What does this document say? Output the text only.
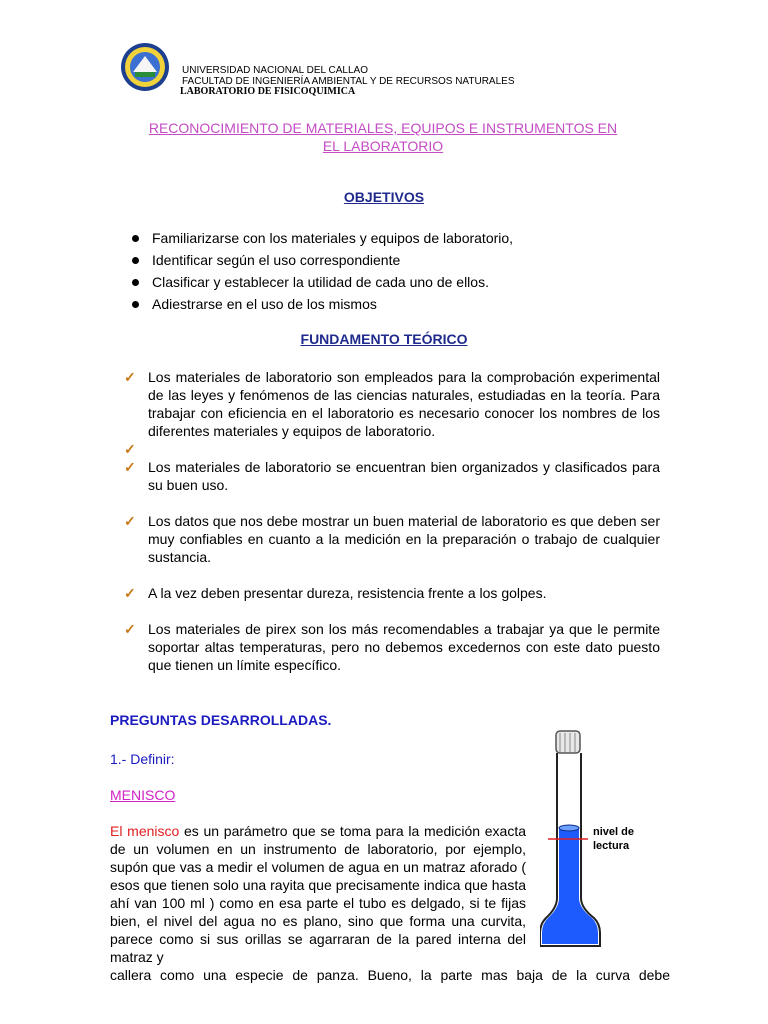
UNIVERSIDAD NACIONAL DEL CALLAO
FACULTAD DE INGENIERÍA AMBIENTAL Y DE RECURSOS NATURALES
LABORATORIO DE FISICOQUIMICA
RECONOCIMIENTO DE MATERIALES, EQUIPOS E INSTRUMENTOS EN
EL LABORATORIO
OBJETIVOS
Familiarizarse con los materiales y equipos de laboratorio,
Identificar según el uso correspondiente
Clasificar y establecer la utilidad de cada uno de ellos.
Adiestrarse en el uso de los mismos
FUNDAMENTO TEÓRICO
✓ Los materiales de laboratorio son empleados para la comprobación experimental de las leyes y fenómenos de las ciencias naturales, estudiadas en la teoría. Para trabajar con eficiencia en el laboratorio es necesario conocer los nombres de los diferentes materiales y equipos de laboratorio.
✓
✓ Los materiales de laboratorio se encuentran bien organizados y clasificados para su buen uso.
✓ Los datos que nos debe mostrar un buen material de laboratorio es que deben ser muy confiables en cuanto a la medición en la preparación o trabajo de cualquier sustancia.
✓ A la vez deben presentar dureza, resistencia frente a los golpes.
✓ Los materiales de pirex son los más recomendables a trabajar ya que le permite soportar altas temperaturas, pero no debemos excedernos con este dato puesto que tienen un límite específico.
PREGUNTAS DESARROLLADAS.
1.- Definir:
MENISCO
El menisco es un parámetro que se toma para la medición exacta de un volumen en un instrumento de laboratorio, por ejemplo, supón que vas a medir el volumen de agua en un matraz aforado ( esos que tienen solo una rayita que precisamente indica que hasta ahí van 100 ml ) como en esa parte el tubo es delgado, si te fijas bien, el nivel del agua no es plano, sino que forma una curvita, parece como si sus orillas se agarraran de la pared interna del matraz y
callera como una especie de panza. Bueno, la parte mas baja de la curva debe
nivel de
lectura
